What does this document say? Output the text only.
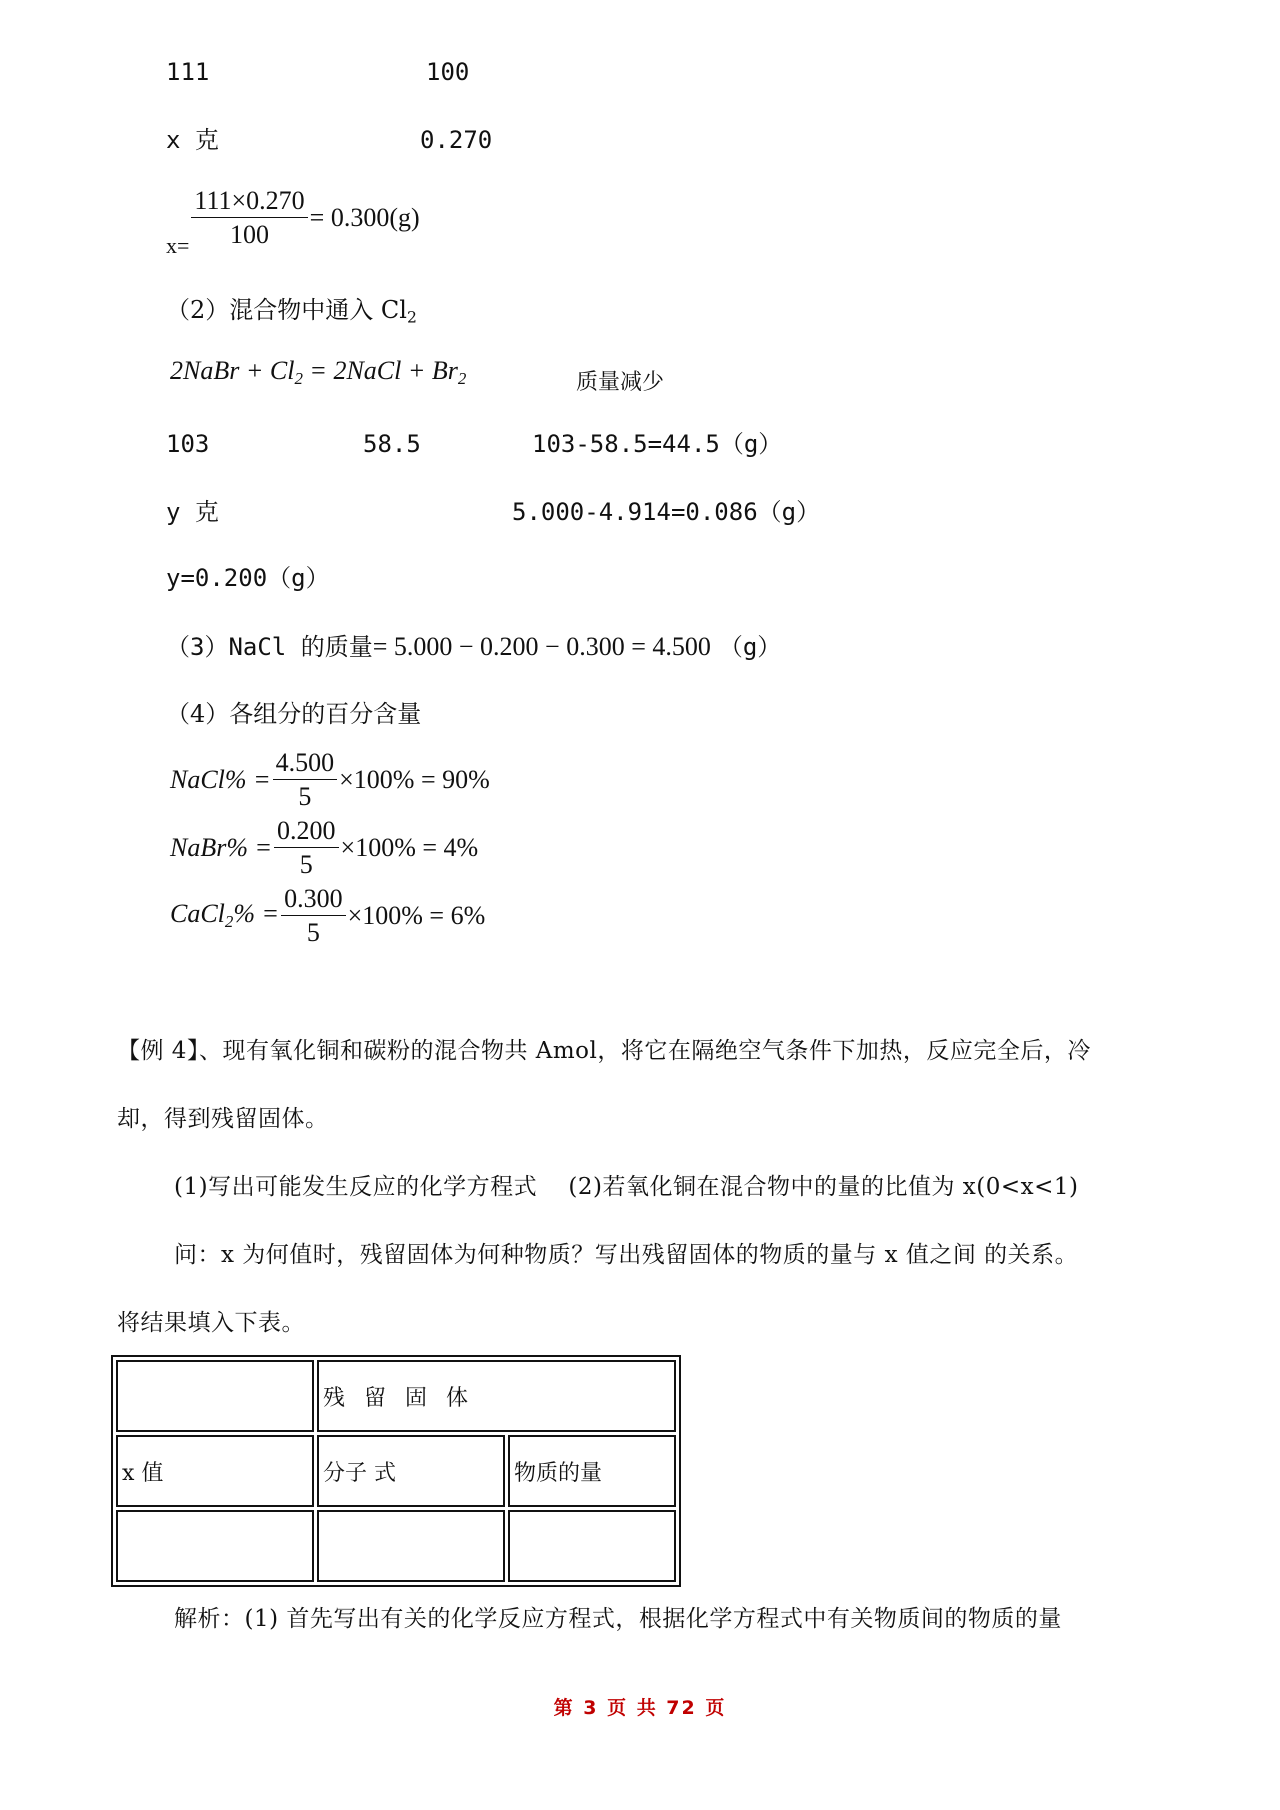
111	100
x 克	0.270
$x= \frac{111\times 0.270}{100} = 0.300(g)$
（2）混合物中通入 $Cl_2$
2NaBr + $Cl_2$ = 2NaCl + $Br_2$	质量减少
103	58.5	103-58.5=44.5（g）
y 克	5.000-4.914=0.086（g）
y=0.200（g）
（3）NaCl 的质量= 5.000 − 0.200 − 0.300 = 4.500 （g）
（4）各组分的百分含量
NaCl% = $\frac{4.500}{5} \times 100\% = 90\%$
NaBr% = $\frac{0.200}{5} \times 100\% = 4\%$
CaCl$_2$% = $\frac{0.300}{5} \times 100\% = 6\%$
【例 4】、现有氧化铜和碳粉的混合物共 Amol，将它在隔绝空气条件下加热，反应完全后，冷
却，得到残留固体。
(1)写出可能发生反应的化学方程式　 (2)若氧化铜在混合物中的量的比值为 x(0<x<1)
问：x 为何值时，残留固体为何种物质？写出残留固体的物质的量与 x 值之间 的关系。
将结果填入下表。
	残 留 固 体	
x 值	分子 式	物质的量

解析：(1) 首先写出有关的化学反应方程式，根据化学方程式中有关物质间的物质的量
第 3 页 共 72 页
